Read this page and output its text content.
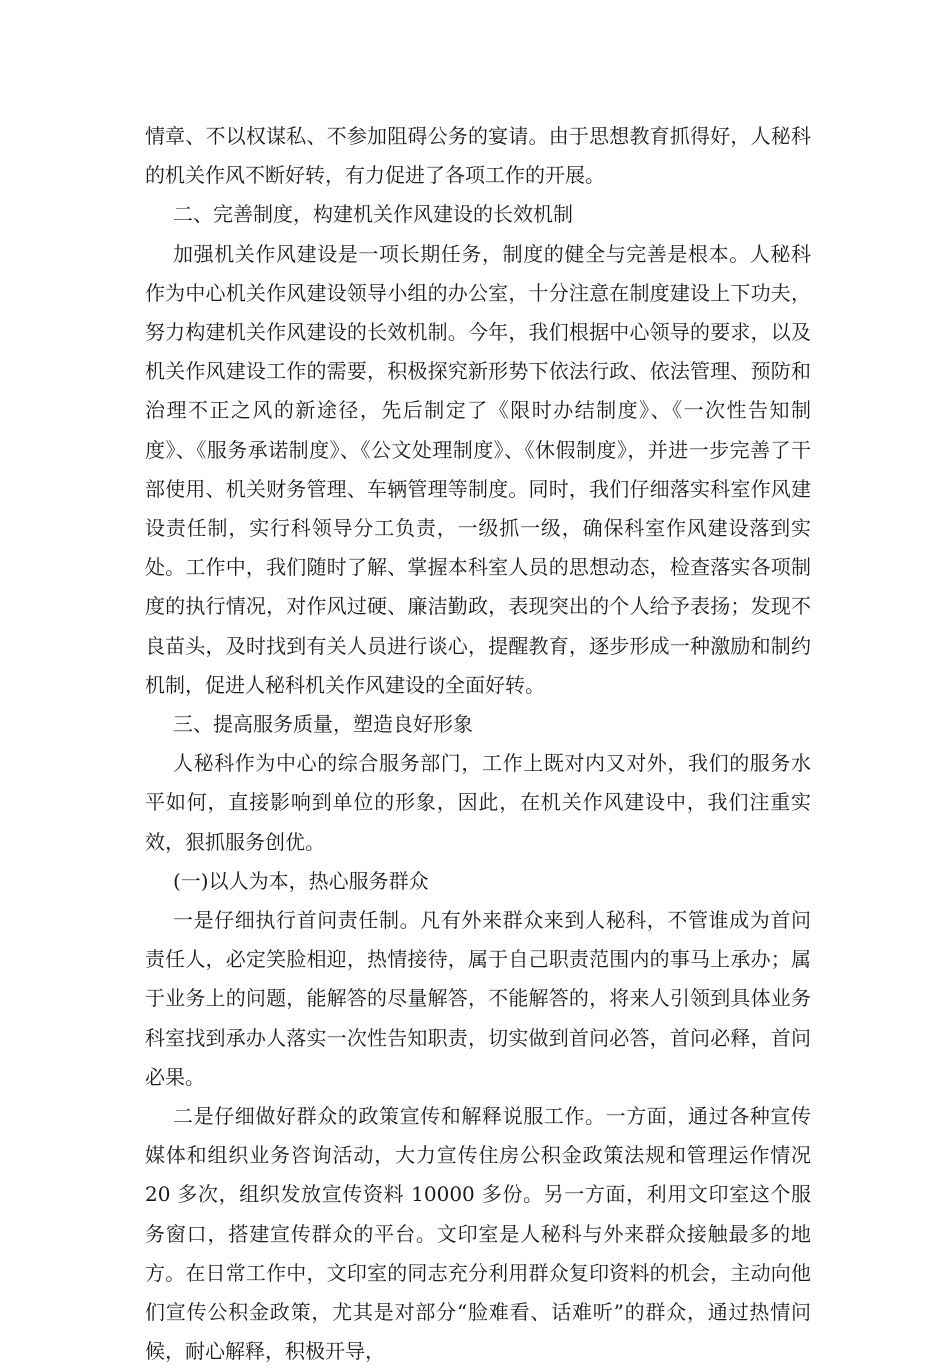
情章、不以权谋私、不参加阻碍公务的宴请。由于思想教育抓得好，人秘科的机关作风不断好转，有力促进了各项工作的开展。

二、完善制度，构建机关作风建设的长效机制

加强机关作风建设是一项长期任务，制度的健全与完善是根本。人秘科作为中心机关作风建设领导小组的办公室，十分注意在制度建设上下功夫，努力构建机关作风建设的长效机制。今年，我们根据中心领导的要求，以及机关作风建设工作的需要，积极探究新形势下依法行政、依法管理、预防和治理不正之风的新途径，先后制定了《限时办结制度》、《一次性告知制度》、《服务承诺制度》、《公文处理制度》、《休假制度》，并进一步完善了干部使用、机关财务管理、车辆管理等制度。同时，我们仔细落实科室作风建设责任制，实行科领导分工负责，一级抓一级，确保科室作风建设落到实处。工作中，我们随时了解、掌握本科室人员的思想动态，检查落实各项制度的执行情况，对作风过硬、廉洁勤政，表现突出的个人给予表扬；发现不良苗头，及时找到有关人员进行谈心，提醒教育，逐步形成一种激励和制约机制，促进人秘科机关作风建设的全面好转。

三、提高服务质量，塑造良好形象

人秘科作为中心的综合服务部门，工作上既对内又对外，我们的服务水平如何，直接影响到单位的形象，因此，在机关作风建设中，我们注重实效，狠抓服务创优。

(一)以人为本，热心服务群众

一是仔细执行首问责任制。凡有外来群众来到人秘科，不管谁成为首问责任人，必定笑脸相迎，热情接待，属于自己职责范围内的事马上承办；属于业务上的问题，能解答的尽量解答，不能解答的，将来人引领到具体业务科室找到承办人落实一次性告知职责，切实做到首问必答，首问必释，首问必果。

二是仔细做好群众的政策宣传和解释说服工作。一方面，通过各种宣传媒体和组织业务咨询活动，大力宣传住房公积金政策法规和管理运作情况 20 多次，组织发放宣传资料 10000 多份。另一方面，利用文印室这个服务窗口，搭建宣传群众的平台。文印室是人秘科与外来群众接触最多的地方。在日常工作中，文印室的同志充分利用群众复印资料的机会，主动向他们宣传公积金政策，尤其是对部分“脸难看、话难听”的群众，通过热情问候，耐心解释，积极开导，
